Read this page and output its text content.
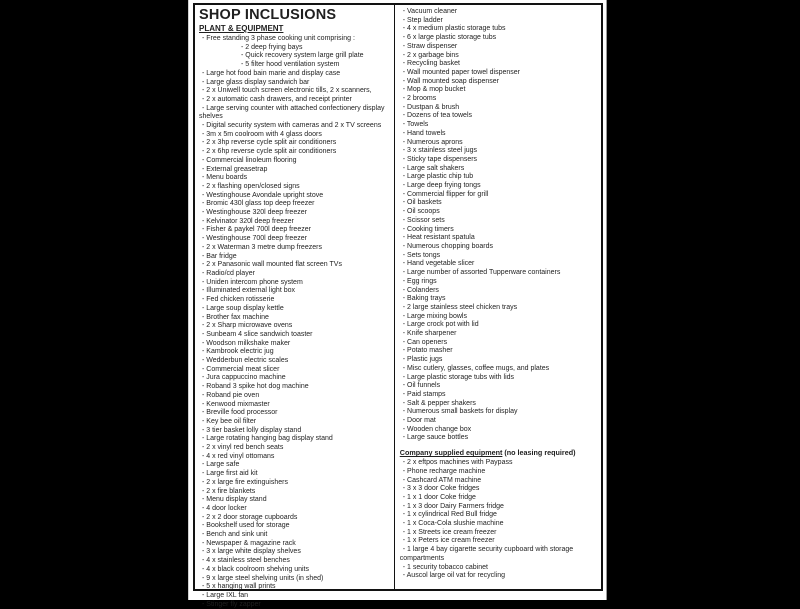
SHOP INCLUSIONS
PLANT & EQUIPMENT
- Free standing 3 phase cooking unit comprising :
- 2 deep frying bays
- Quick recovery system large grill plate
- 5 filter hood ventilation system
- Large hot food bain marie and display case
- Large glass display sandwich bar
- 2 x Uniwell touch screen electronic tills, 2 x scanners,
- 2 x automatic cash drawers, and receipt printer
- Large serving counter with attached confectionery display shelves
- Digital security system with cameras and 2 x TV screens
- 3m x 5m coolroom with 4 glass doors
- 2 x 3hp reverse cycle split air conditioners
- 2 x 6hp reverse cycle split air conditioners
- Commercial linoleum flooring
- External greasetrap
- Menu boards
- 2 x flashing open/closed signs
- Westinghouse Avondale upright stove
- Bromic 430l glass top deep freezer
- Westinghouse 320l deep freezer
- Kelvinator 320l deep freezer
- Fisher & paykel 700l deep freezer
- Westinghouse 700l deep freezer
- 2 x Waterman 3 metre dump freezers
- Bar fridge
- 2 x Panasonic wall mounted flat screen TVs
- Radio/cd player
- Uniden intercom phone system
- Illuminated external light box
- Fed chicken rotisserie
- Large soup display kettle
- Brother fax machine
- 2 x Sharp microwave ovens
- Sunbeam 4 slice sandwich toaster
- Woodson milkshake maker
- Kambrook electric jug
- Wedderbun electric scales
- Commercial meat slicer
- Jura cappuccino machine
- Roband 3 spike hot dog machine
- Roband pie oven
- Kenwood mixmaster
- Breville food processor
- Key bee oil filter
- 3 tier basket lolly display stand
- Large rotating hanging bag display stand
- 2 x vinyl red bench seats
- 4 x red vinyl ottomans
- Large safe
- Large first aid kit
- 2 x large fire extinguishers
- 2 x fire blankets
- Menu display stand
- 4 door locker
- 2 x 2 door storage cupboards
- Bookshelf used for storage
- Bench and sink unit
- Newspaper & magazine rack
- 3 x large white display shelves
- 4 x stainless steel benches
- 4 x black coolroom shelving units
- 9 x large steel shelving units (in shed)
- 5 x hanging wall prints
- Large IXL fan
- Stinger fly zapper
- Vacuum cleaner
- Step ladder
- 4 x medium plastic storage tubs
- 6 x large plastic storage tubs
- Straw dispenser
- 2 x garbage bins
- Recycling basket
- Wall mounted paper towel dispenser
- Wall mounted soap dispenser
- Mop & mop bucket
- 2 brooms
- Dustpan & brush
- Dozens of tea towels
- Towels
- Hand towels
- Numerous aprons
- 3 x stainless steel jugs
- Sticky tape dispensers
- Large salt shakers
- Large plastic chip tub
- Large deep frying tongs
- Commercial flipper for grill
- Oil baskets
- Oil scoops
- Scissor sets
- Cooking timers
- Heat resistant spatula
- Numerous chopping boards
- Sets tongs
- Hand vegetable slicer
- Large number of assorted Tupperware containers
- Egg rings
- Colanders
- Baking trays
- 2 large stainless steel chicken trays
- Large mixing bowls
- Large crock pot with lid
- Knife sharpener
- Can openers
- Potato masher
- Plastic jugs
- Misc cutlery, glasses, coffee mugs, and plates
- Large plastic storage tubs with lids
- Oil funnels
- Paid stamps
- Salt & pepper shakers
- Numerous small baskets for display
- Door mat
- Wooden change box
- Large sauce bottles
Company supplied equipment (no leasing required)
- 2 x eftpos machines with Paypass
- Phone recharge machine
- Cashcard ATM machine
- 3 x 3 door Coke fridges
- 1 x 1 door Coke fridge
- 1 x 3 door Dairy Farmers fridge
- 1 x cylindrical Red Bull fridge
- 1 x Coca-Cola slushie machine
- 1 x Streets ice cream freezer
- 1 x Peters ice cream freezer
- 1 large 4 bay cigarette security cupboard with storage compartments
- 1 security tobacco cabinet
- Auscol large oil vat for recycling
